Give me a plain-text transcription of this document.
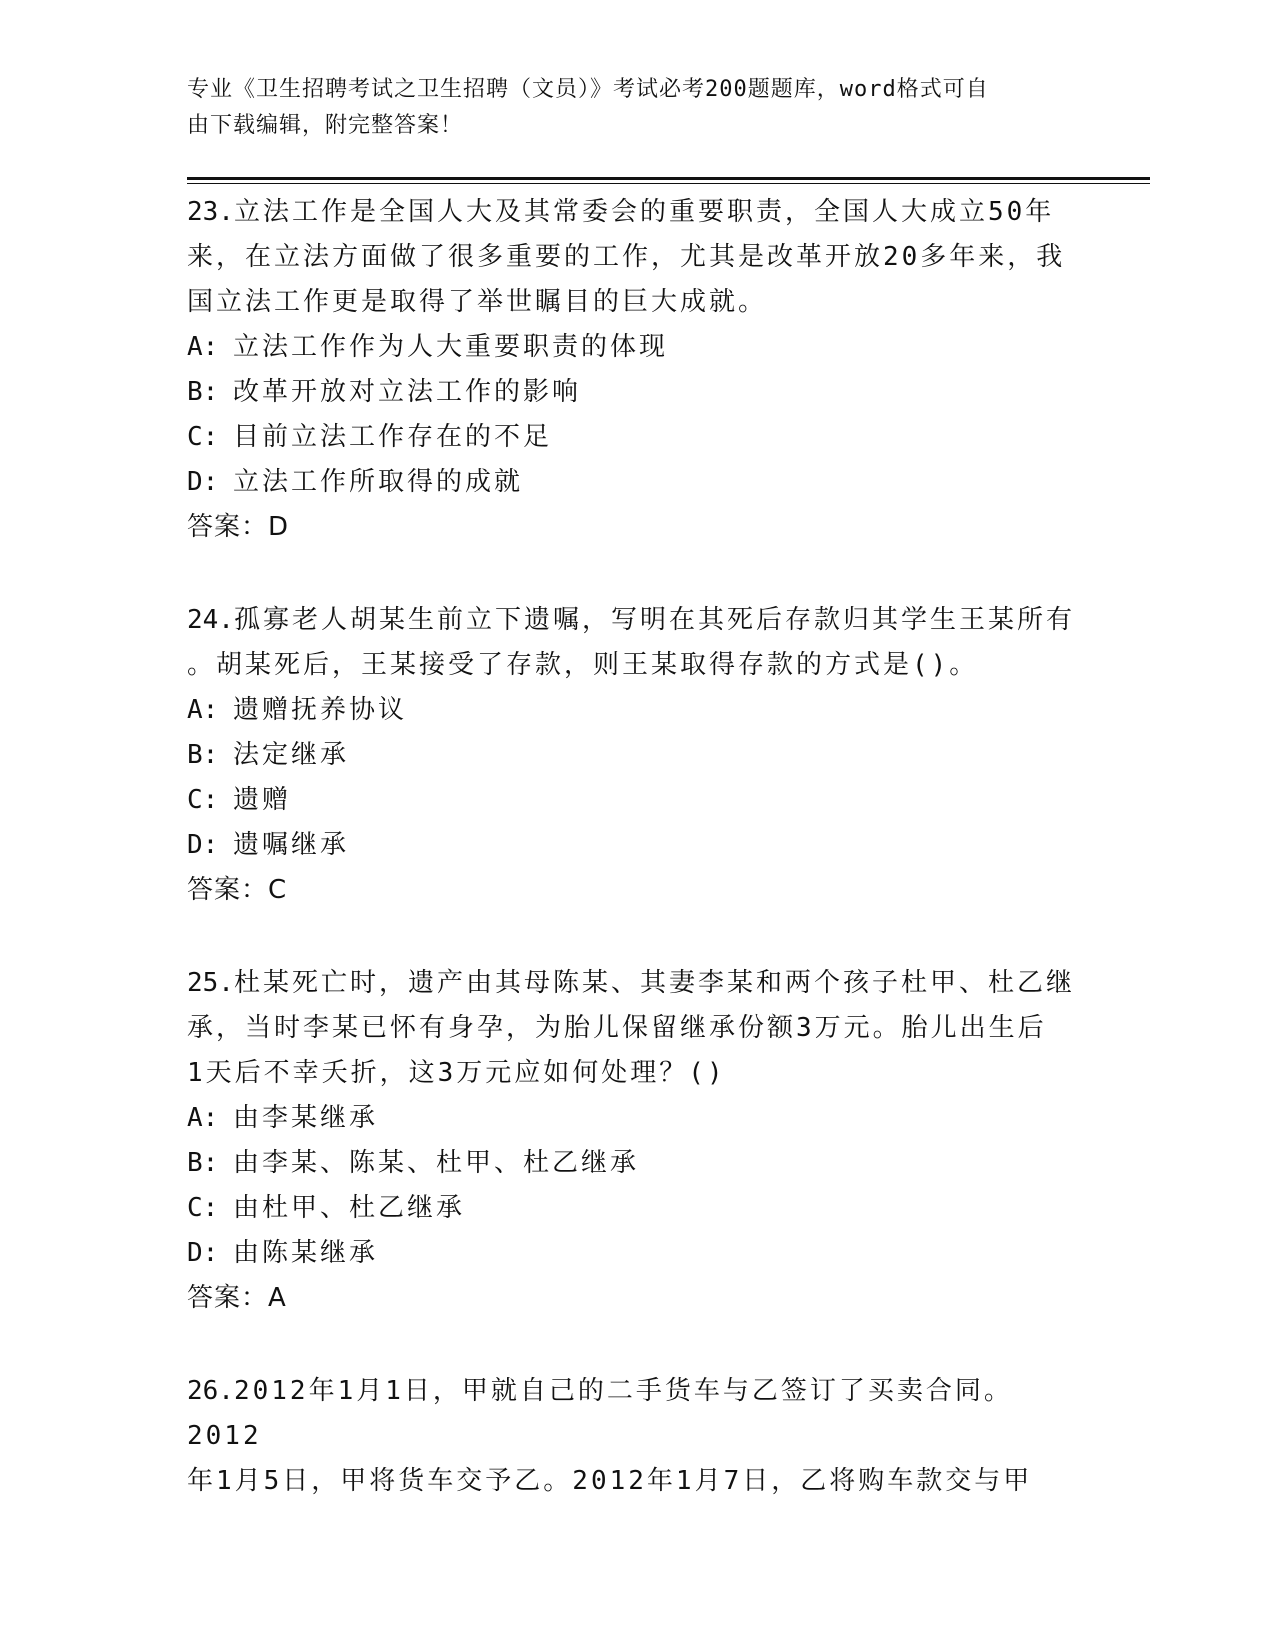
专业《卫生招聘考试之卫生招聘（文员）》考试必考200题题库，word格式可自
由下载编辑，附完整答案！
23.立法工作是全国人大及其常委会的重要职责，全国人大成立50年
来，在立法方面做了很多重要的工作，尤其是改革开放20多年来，我
国立法工作更是取得了举世瞩目的巨大成就。
A: 立法工作作为人大重要职责的体现
B: 改革开放对立法工作的影响
C: 目前立法工作存在的不足
D: 立法工作所取得的成就
答案：D
24.孤寡老人胡某生前立下遗嘱，写明在其死后存款归其学生王某所有
。胡某死后，王某接受了存款，则王某取得存款的方式是()。
A: 遗赠抚养协议
B: 法定继承
C: 遗赠
D: 遗嘱继承
答案：C
25.杜某死亡时，遗产由其母陈某、其妻李某和两个孩子杜甲、杜乙继
承，当时李某已怀有身孕，为胎儿保留继承份额3万元。胎儿出生后
1天后不幸夭折，这3万元应如何处理？()
A: 由李某继承
B: 由李某、陈某、杜甲、杜乙继承
C: 由杜甲、杜乙继承
D: 由陈某继承
答案：A
26.2012年1月1日，甲就自己的二手货车与乙签订了买卖合同。2012
年1月5日，甲将货车交予乙。2012年1月7日，乙将购车款交与甲
